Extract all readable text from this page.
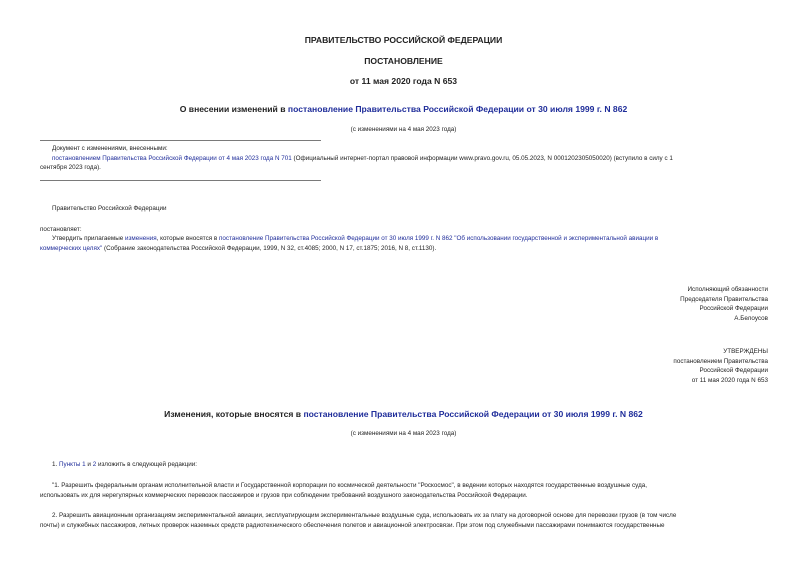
ПРАВИТЕЛЬСТВО РОССИЙСКОЙ ФЕДЕРАЦИИ
ПОСТАНОВЛЕНИЕ
от 11 мая 2020 года N 653
О внесении изменений в постановление Правительства Российской Федерации от 30 июля 1999 г. N 862
(с изменениями на 4 мая 2023 года)
Документ с изменениями, внесенными:
постановлением Правительства Российской Федерации от 4 мая 2023 года N 701 (Официальный интернет-портал правовой информации www.pravo.gov.ru, 05.05.2023, N 0001202305050020) (вступило в силу с 1
сентября 2023 года).
Правительство Российской Федерации
постановляет:
Утвердить прилагаемые изменения, которые вносятся в постановление Правительства Российской Федерации от 30 июля 1999 г. N 862 "Об использовании государственной и экспериментальной авиации в
коммерческих целях" (Собрание законодательства Российской Федерации, 1999, N 32, ст.4085; 2000, N 17, ст.1875; 2016, N 8, ст.1130).
Исполняющий обязанности
Председателя Правительства
Российской Федерации
А.Белоусов
УТВЕРЖДЕНЫ
постановлением Правительства
Российской Федерации
от 11 мая 2020 года N 653
Изменения, которые вносятся в постановление Правительства Российской Федерации от 30 июля 1999 г. N 862
(с изменениями на 4 мая 2023 года)
1. Пункты 1 и 2 изложить в следующей редакции:
"1. Разрешить федеральным органам исполнительной власти и Государственной корпорации по космической деятельности "Роскосмос", в ведении которых находятся государственные воздушные суда,
использовать их для нерегулярных коммерческих перевозок пассажиров и грузов при соблюдении требований воздушного законодательства Российской Федерации.
2. Разрешить авиационным организациям экспериментальной авиации, эксплуатирующим экспериментальные воздушные суда, использовать их за плату на договорной основе для перевозки грузов (в том числе
почты) и служебных пассажиров, летных проверок наземных средств радиотехнического обеспечения полетов и авиационной электросвязи. При этом под служебными пассажирами понимаются государственные
